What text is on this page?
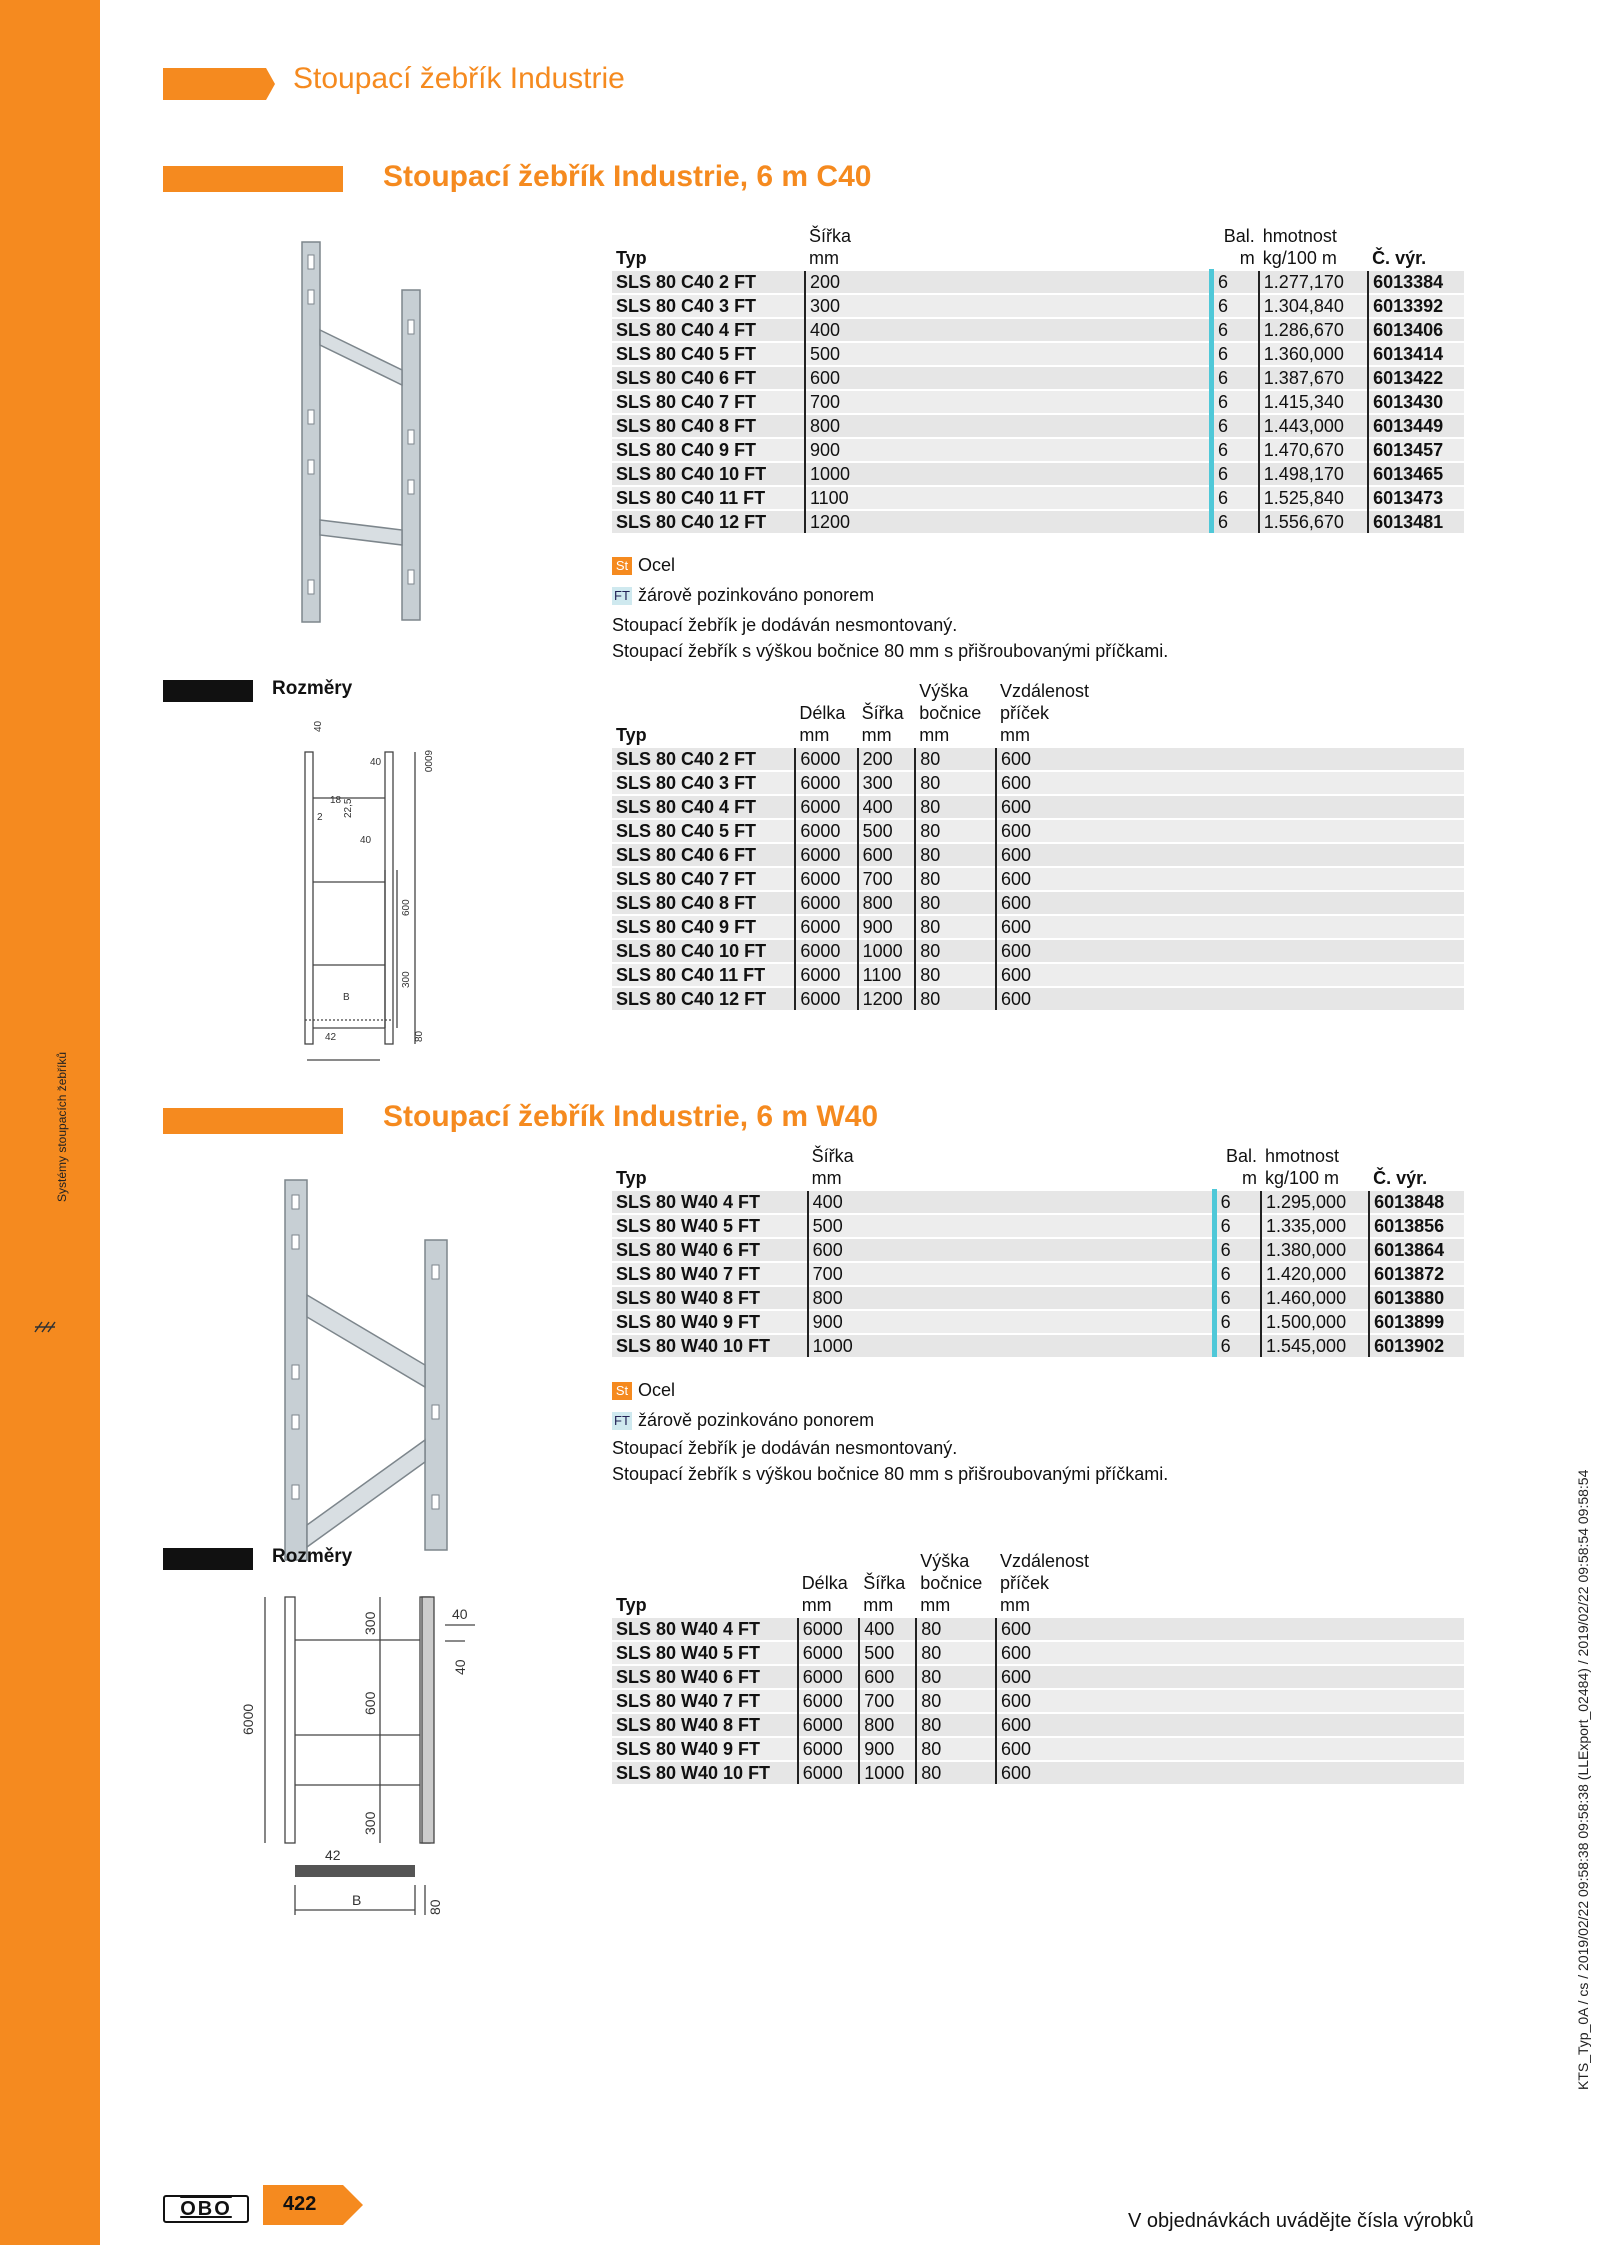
Systémy stoupacích žebříků
Stoupací žebřík Industrie
Stoupací žebřík Industrie, 6 m C40
	Šířka	Bal.	hmotnost	
Typ	mm	m	kg/100 m	Č. výr.
SLS 80 C40 2 FT	200	6	1.277,170	6013384
SLS 80 C40 3 FT	300	6	1.304,840	6013392
SLS 80 C40 4 FT	400	6	1.286,670	6013406
SLS 80 C40 5 FT	500	6	1.360,000	6013414
SLS 80 C40 6 FT	600	6	1.387,670	6013422
SLS 80 C40 7 FT	700	6	1.415,340	6013430
SLS 80 C40 8 FT	800	6	1.443,000	6013449
SLS 80 C40 9 FT	900	6	1.470,670	6013457
SLS 80 C40 10 FT	1000	6	1.498,170	6013465
SLS 80 C40 11 FT	1100	6	1.525,840	6013473
SLS 80 C40 12 FT	1200	6	1.556,670	6013481
St Ocel
FT žárově pozinkováno ponorem
Stoupací žebřík je dodáván nesmontovaný.
Stoupací žebřík s výškou bočnice 80 mm s přišroubovanými příčkami.
Rozměry
40
40	6000
18
2 22,5
40
600
300
B
42	80
			Výška	Vzdálenost
	Délka	Šířka	bočnice	příček
Typ	mm	mm	mm	mm
SLS 80 C40 2 FT	6000	200	80	600
SLS 80 C40 3 FT	6000	300	80	600
SLS 80 C40 4 FT	6000	400	80	600
SLS 80 C40 5 FT	6000	500	80	600
SLS 80 C40 6 FT	6000	600	80	600
SLS 80 C40 7 FT	6000	700	80	600
SLS 80 C40 8 FT	6000	800	80	600
SLS 80 C40 9 FT	6000	900	80	600
SLS 80 C40 10 FT	6000	1000	80	600
SLS 80 C40 11 FT	6000	1100	80	600
SLS 80 C40 12 FT	6000	1200	80	600
Stoupací žebřík Industrie, 6 m W40
	Šířka	Bal.	hmotnost	
Typ	mm	m	kg/100 m	Č. výr.
SLS 80 W40 4 FT	400	6	1.295,000	6013848
SLS 80 W40 5 FT	500	6	1.335,000	6013856
SLS 80 W40 6 FT	600	6	1.380,000	6013864
SLS 80 W40 7 FT	700	6	1.420,000	6013872
SLS 80 W40 8 FT	800	6	1.460,000	6013880
SLS 80 W40 9 FT	900	6	1.500,000	6013899
SLS 80 W40 10 FT	1000	6	1.545,000	6013902
St Ocel
FT žárově pozinkováno ponorem
Stoupací žebřík je dodáván nesmontovaný.
Stoupací žebřík s výškou bočnice 80 mm s přišroubovanými příčkami.
Rozměry
6000
300
600
300
40
40
42
B	80
			Výška	Vzdálenost
	Délka	Šířka	bočnice	příček
Typ	mm	mm	mm	mm
SLS 80 W40 4 FT	6000	400	80	600
SLS 80 W40 5 FT	6000	500	80	600
SLS 80 W40 6 FT	6000	600	80	600
SLS 80 W40 7 FT	6000	700	80	600
SLS 80 W40 8 FT	6000	800	80	600
SLS 80 W40 9 FT	6000	900	80	600
SLS 80 W40 10 FT	6000	1000	80	600	KTS_Typ_0A / cs / 2019/02/22 09:58:38 09:58:38 (LLExport_02484) / 2019/02/22 09:58:54 09:58:54
OBO	422
V objednávkách uvádějte čísla výrobků
